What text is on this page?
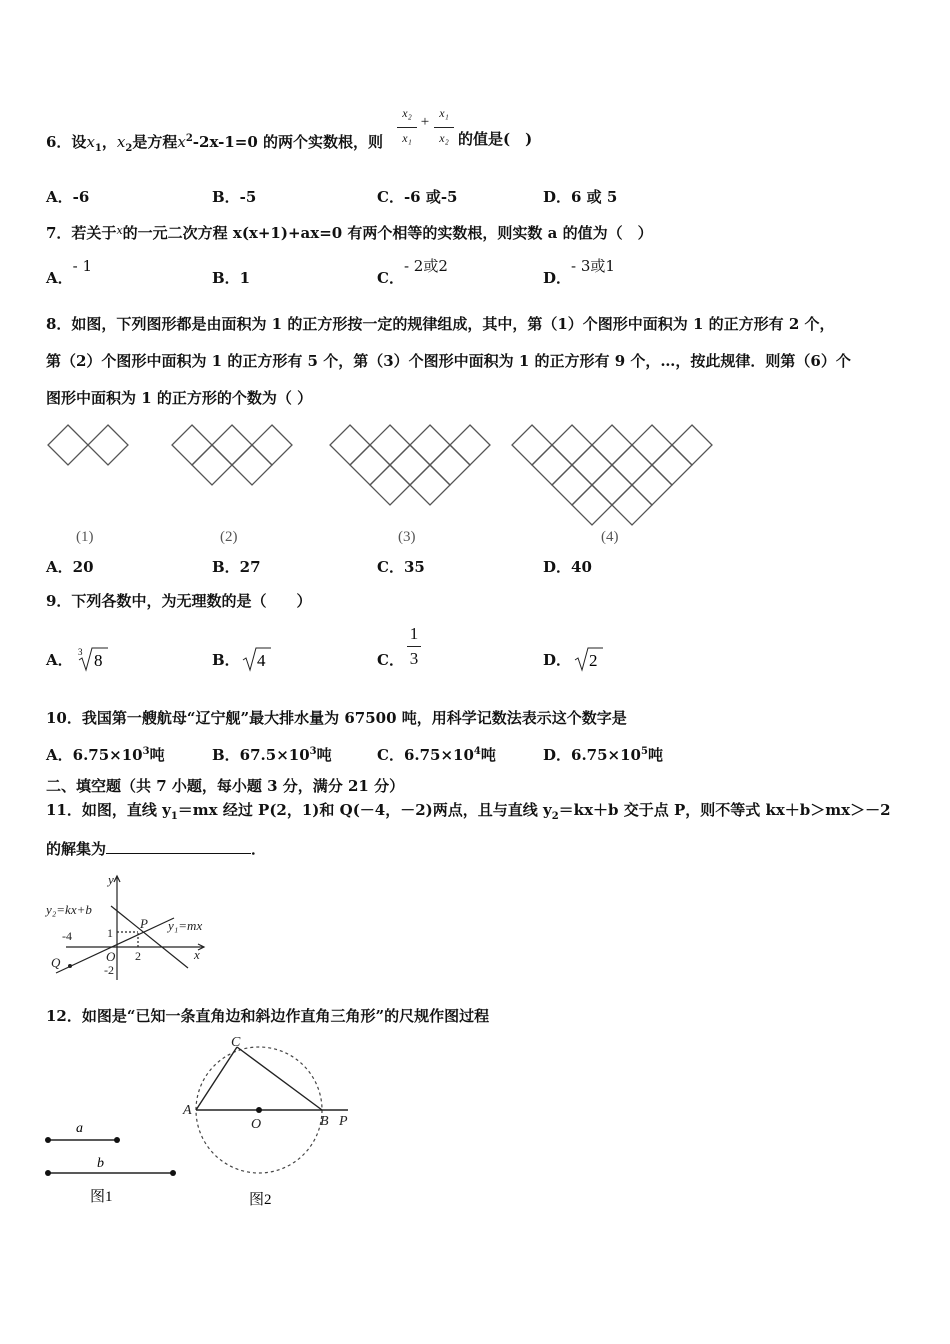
6．设$x_1$，$x_2$是方程$x^2-2x-1=0$ 的两个实数根，则
x₂
x₁
+
x₁
x₂ 的值是(　)
A．-6	B．-5	C．-6 或-5	D．6 或 5
7．若关于$^x$的一元二次方程 x(x+1)+ax=0 有两个相等的实数根，则实数 a 的值为（　）
A．- 1
B．1	C．- 2或2
D．- 3或1
8．如图，下列图形都是由面积为 1 的正方形按一定的规律组成，其中，第（1）个图形中面积为 1 的正方形有 2 个，
第（2）个图形中面积为 1 的正方形有 5 个，第（3）个图形中面积为 1 的正方形有 9 个，…，按此规律．则第（6）个
图形中面积为 1 的正方形的个数为（ ）
(1)	(2)	(3)	(4)
A．20	B．27	C．35	D．40
9．下列各数中，为无理数的是（　　）
A． 3 8	B． 4	C．
1
3	D． 2
10．我国第一艘航母“辽宁舰”最大排水量为 67500 吨，用科学记数法表示这个数字是
A．$6.75\times 10^3$吨	B．$67.5\times 10^3$吨	C．$6.75\times 10^4$吨	D．$6.75\times 10^5$吨
二、填空题（共 7 小题，每小题 3 分，满分 21 分）
11．如图，直线 $y_1=mx$ 经过 P(2，1)和 Q(－4，－2)两点，且与直线 $y_2=kx+b$ 交于点 P，则不等式 kx＋b＞mx＞－2
的解集为	．
y
x
y₂=kx+b
y₁=mx
P
Q	O
-4	1
2
-2
12．如图是“已知一条直角边和斜边作直角三角形”的尺规作图过程
a
b
图1
C
A
O	B P
图2
